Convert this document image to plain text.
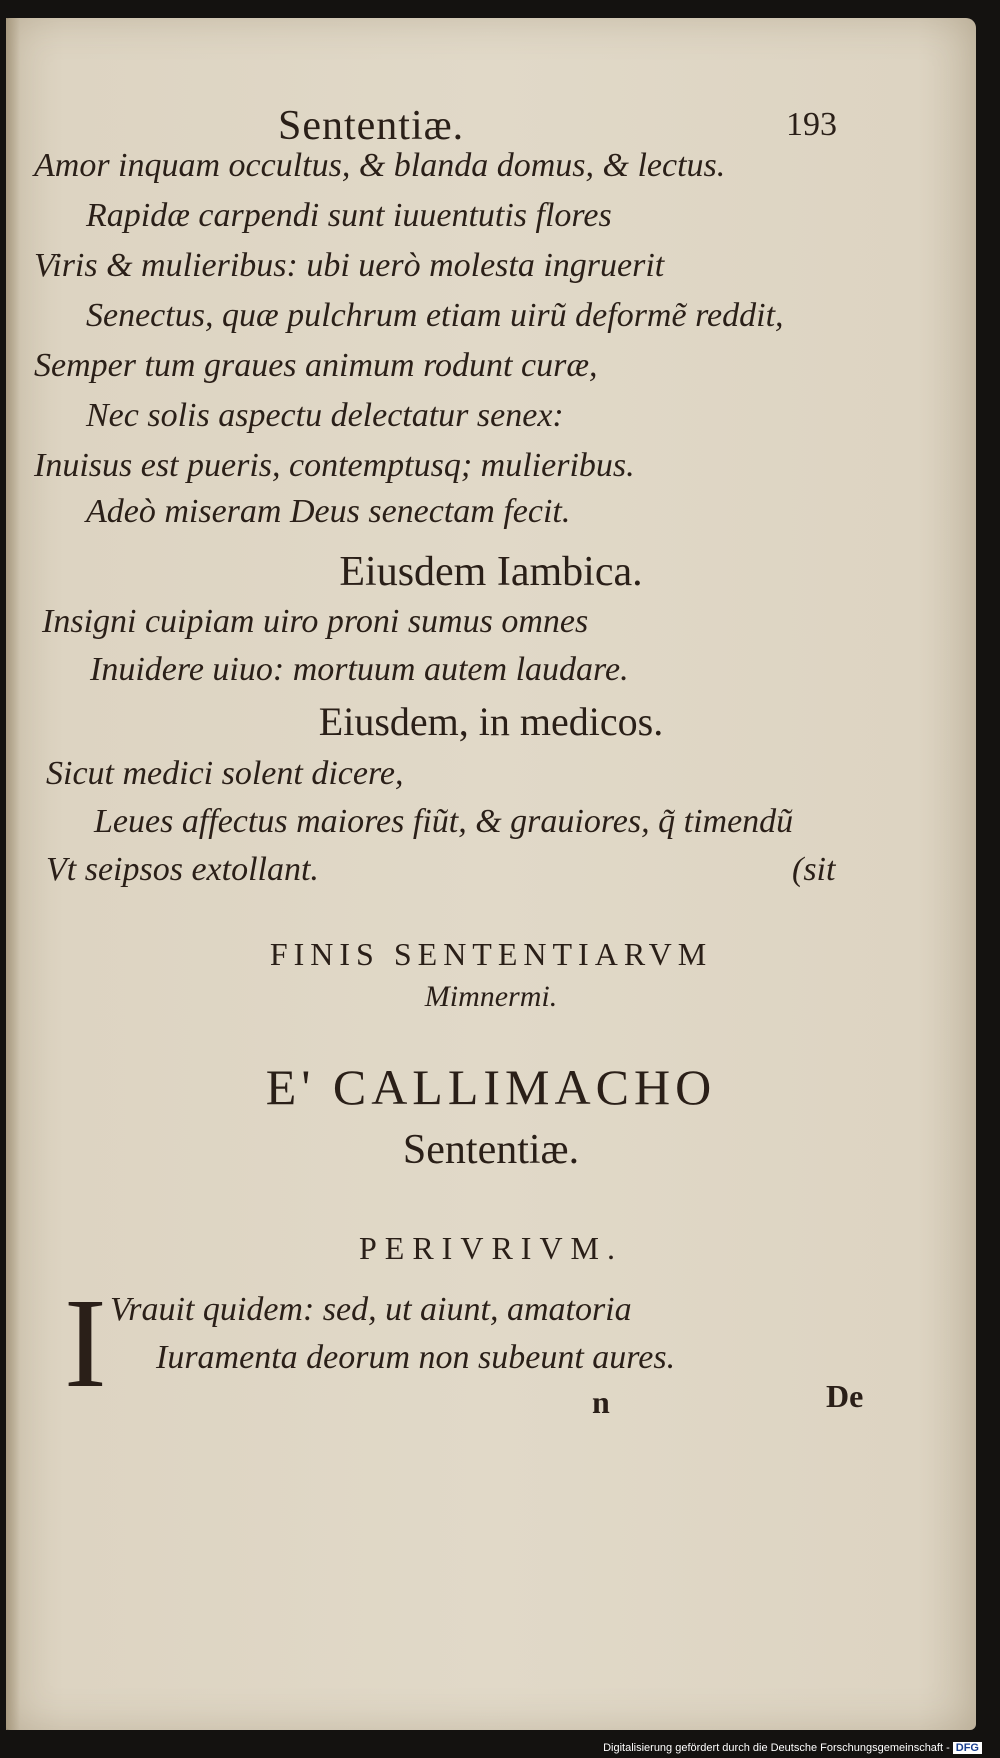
Sententiæ.	193
Amor inquam occultus, & blanda domus, & lectus.
Rapidæ carpendi sunt iuuentutis flores
Viris & mulieribus: ubi uerò molesta ingruerit
Senectus, quæ pulchrum etiam uirũ deformẽ reddit,
Semper tum graues animum rodunt curæ,
Nec solis aspectu delectatur senex:
Inuisus est pueris, contemptusq; mulieribus.
Adeò miseram Deus senectam fecit.
Eiusdem Iambica.
Insigni cuipiam uiro proni sumus omnes
Inuidere uiuo: mortuum autem laudare.
Eiusdem, in medicos.
Sicut medici solent dicere,
Leues affectus maiores fiũt, & grauiores, q̃ timendũ
Vt seipsos extollant.	(sit
FINIS SENTENTIARVM
Mimnermi.
E' CALLIMACHO
Sententiæ.
PERIVRIVM.
I Vrauit quidem: sed, ut aiunt, amatoria
Iuramenta deorum non subeunt aures.
n	De
Digitalisierung gefördert durch die Deutsche Forschungsgemeinschaft - DFG
